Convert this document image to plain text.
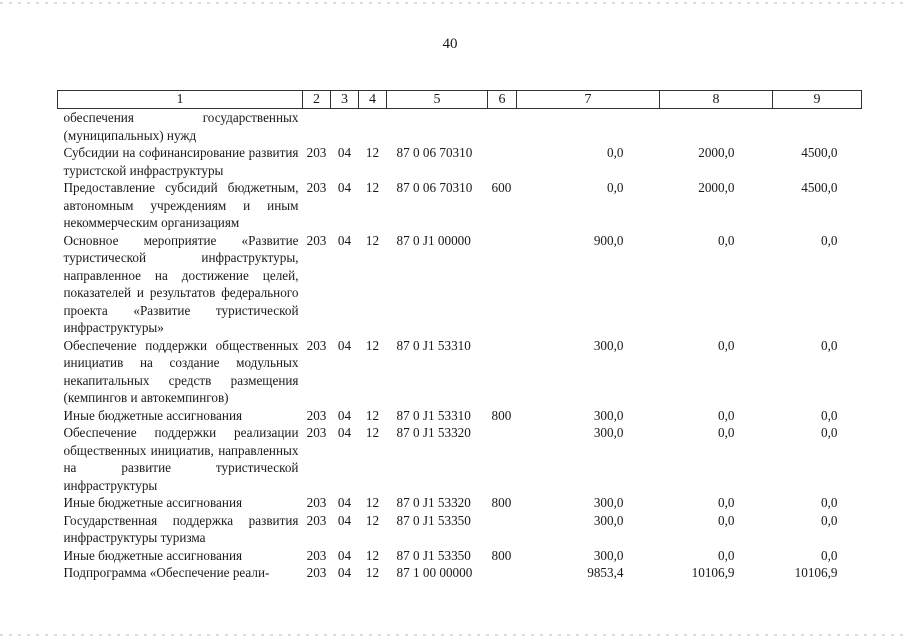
40
1	2	3	4	5	6	7	8	9
обеспечения государственных (муниципальных) нужд								
Субсидии на софинансирование развития туристской инфраструктуры	203	04	12	87 0 06 70310		0,0	2000,0	4500,0
Предоставление субсидий бюджетным, автономным учреждениям и иным некоммерческим организациям	203	04	12	87 0 06 70310	600	0,0	2000,0	4500,0
Основное мероприятие «Развитие туристической инфраструктуры, направленное на достижение целей, показателей и результатов федерального проекта «Развитие туристической инфраструктуры»	203	04	12	87 0 J1 00000		900,0	0,0	0,0
Обеспечение поддержки общественных инициатив на создание модульных некапитальных средств размещения (кемпингов и автокемпингов)	203	04	12	87 0 J1 53310		300,0	0,0	0,0
Иные бюджетные ассигнования	203	04	12	87 0 J1 53310	800	300,0	0,0	0,0
Обеспечение поддержки реализации общественных инициатив, направленных на развитие туристической инфраструктуры	203	04	12	87 0 J1 53320		300,0	0,0	0,0
Иные бюджетные ассигнования	203	04	12	87 0 J1 53320	800	300,0	0,0	0,0
Государственная поддержка развития инфраструктуры туризма	203	04	12	87 0 J1 53350		300,0	0,0	0,0
Иные бюджетные ассигнования	203	04	12	87 0 J1 53350	800	300,0	0,0	0,0
Подпрограмма «Обеспечение реали-	203	04	12	87 1 00 00000		9853,4	10106,9	10106,9
